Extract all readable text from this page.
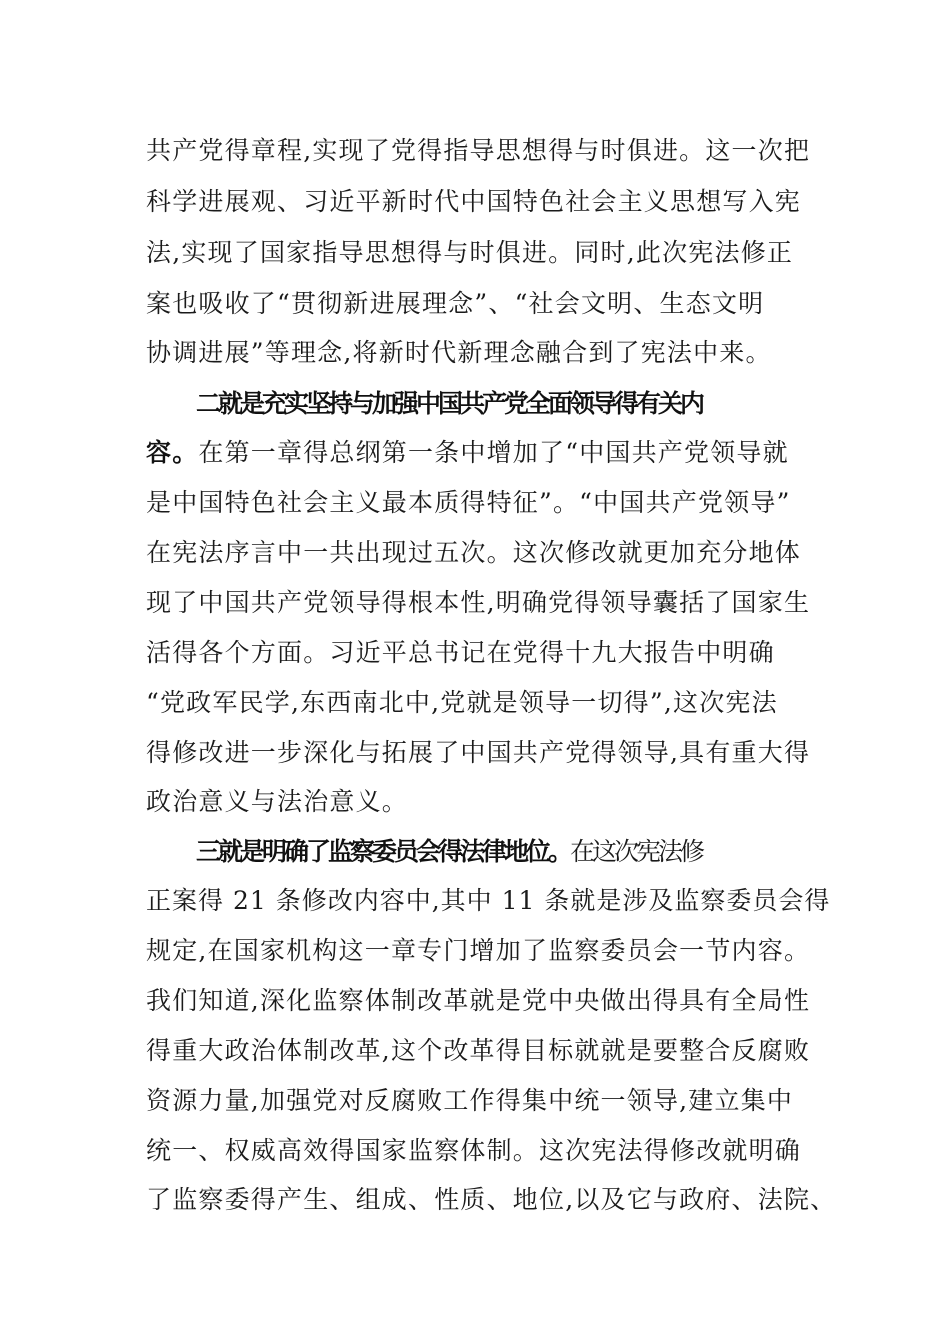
共产党得章程,实现了党得指导思想得与时俱进。这一次把
科学进展观、习近平新时代中国特色社会主义思想写入宪
法,实现了国家指导思想得与时俱进。同时,此次宪法修正
案也吸收了“贯彻新进展理念”、“社会文明、生态文明
协调进展”等理念,将新时代新理念融合到了宪法中来。
二就是充实坚持与加强中国共产党全面领导得有关内
容。在第一章得总纲第一条中增加了“中国共产党领导就
是中国特色社会主义最本质得特征”。“中国共产党领导”
在宪法序言中一共出现过五次。这次修改就更加充分地体
现了中国共产党领导得根本性,明确党得领导囊括了国家生
活得各个方面。习近平总书记在党得十九大报告中明确
“党政军民学,东西南北中,党就是领导一切得”,这次宪法
得修改进一步深化与拓展了中国共产党得领导,具有重大得
政治意义与法治意义。
三就是明确了监察委员会得法律地位。在这次宪法修
正案得 21 条修改内容中,其中 11 条就是涉及监察委员会得
规定,在国家机构这一章专门增加了监察委员会一节内容。
我们知道,深化监察体制改革就是党中央做出得具有全局性
得重大政治体制改革,这个改革得目标就就是要整合反腐败
资源力量,加强党对反腐败工作得集中统一领导,建立集中
统一、权威高效得国家监察体制。这次宪法得修改就明确
了监察委得产生、组成、性质、地位,以及它与政府、法院、
